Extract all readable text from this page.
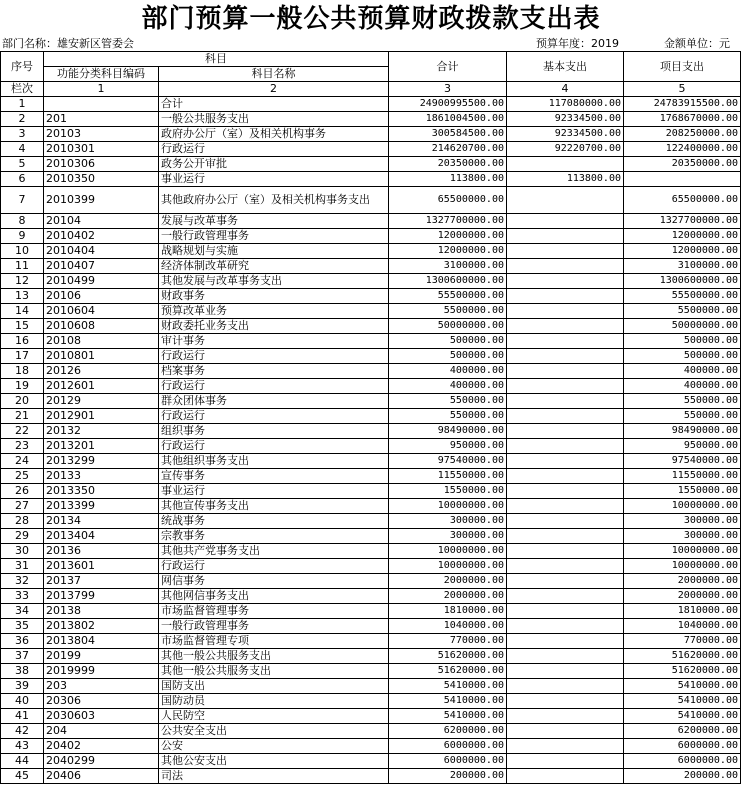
部门预算一般公共预算财政拨款支出表
部门名称：雄安新区管委会	预算年度：2019	金额单位：元
序号	科目		合计	基本支出	项目支出
	功能分类科目编码	科目名称			
栏次	1	2	3	4	5
1		合计	24900995500.00	117080000.00	24783915500.00
2	201	一般公共服务支出	1861004500.00	92334500.00	1768670000.00
3	20103	政府办公厅（室）及相关机构事务	300584500.00	92334500.00	208250000.00
4	2010301	行政运行	214620700.00	92220700.00	122400000.00
5	2010306	政务公开审批	20350000.00		20350000.00
6	2010350	事业运行	113800.00	113800.00	
7	2010399	其他政府办公厅（室）及相关机构事务支出	65500000.00		65500000.00
8	20104	发展与改革事务	1327700000.00		1327700000.00
9	2010402	一般行政管理事务	12000000.00		12000000.00
10	2010404	战略规划与实施	12000000.00		12000000.00
11	2010407	经济体制改革研究	3100000.00		3100000.00
12	2010499	其他发展与改革事务支出	1300600000.00		1300600000.00
13	20106	财政事务	55500000.00		55500000.00
14	2010604	预算改革业务	5500000.00		5500000.00
15	2010608	财政委托业务支出	50000000.00		50000000.00
16	20108	审计事务	500000.00		500000.00
17	2010801	行政运行	500000.00		500000.00
18	20126	档案事务	400000.00		400000.00
19	2012601	行政运行	400000.00		400000.00
20	20129	群众团体事务	550000.00		550000.00
21	2012901	行政运行	550000.00		550000.00
22	20132	组织事务	98490000.00		98490000.00
23	2013201	行政运行	950000.00		950000.00
24	2013299	其他组织事务支出	97540000.00		97540000.00
25	20133	宣传事务	11550000.00		11550000.00
26	2013350	事业运行	1550000.00		1550000.00
27	2013399	其他宣传事务支出	10000000.00		10000000.00
28	20134	统战事务	300000.00		300000.00
29	2013404	宗教事务	300000.00		300000.00
30	20136	其他共产党事务支出	10000000.00		10000000.00
31	2013601	行政运行	10000000.00		10000000.00
32	20137	网信事务	2000000.00		2000000.00
33	2013799	其他网信事务支出	2000000.00		2000000.00
34	20138	市场监督管理事务	1810000.00		1810000.00
35	2013802	一般行政管理事务	1040000.00		1040000.00
36	2013804	市场监督管理专项	770000.00		770000.00
37	20199	其他一般公共服务支出	51620000.00		51620000.00
38	2019999	其他一般公共服务支出	51620000.00		51620000.00
39	203	国防支出	5410000.00		5410000.00
40	20306	国防动员	5410000.00		5410000.00
41	2030603	人民防空	5410000.00		5410000.00
42	204	公共安全支出	6200000.00		6200000.00
43	20402	公安	6000000.00		6000000.00
44	2040299	其他公安支出	6000000.00		6000000.00
45	20406	司法	200000.00		200000.00
